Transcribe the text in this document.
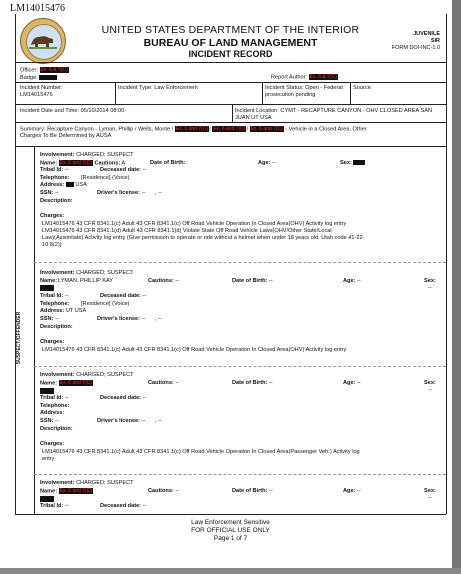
LM14015476
UNITED STATES DEPARTMENT OF THE INTERIOR
BUREAU OF LAND MANAGEMENT
INCIDENT RECORD
JUVENILE
SIR
FORM DOI-INC-1.0
Officer: Ex. 6 & 7(C)
Badge:	Report Author: Ex. 6 & 7(C)
Incident Number:
LM14015476
Incident Type: Law Enforcement	Incident Status: Open - Federal prosecution pending
Source:
Incident Date and Time: 05/10/2014 08:00	Incident Location: CYMT - RECAPTURE CANYON - OHV CLOSED AREA SAN JUAN UT USA
Summary: Recapture Canyon - Lyman, Phillip / Wells, Monte / Ex. 6 and 7(C)/ Ex. 6 and 7(C)/ Ex. 6 and 7(C) - Vehicle in a Closed Area, Other
Charges To Be Determined by AUSA
SUSPECT/OFFENDER
Involvement: CHARGED; SUSPECT
Name: Ex. 6 and 7(C) Cautions: A	Date of Birth:	Age: --	Sex:
Tribal Id: --	Deceased date: --
Telephone: [Residence] (Voice)
Address: USA
SSN: --	Driver's license: -- , --
Description:
Charges:
LM14015476 43 CFR 8341.1(c) Adult 43 CFR 8341.1(c) Off Road Vehicle Operation In Closed Area(OHV) Activity log entry
LM14015476 43 CFR 8341.1(d) Adult 43 CFR 8341.1(d) Violate State Off Road Vehicle Laws(OHV/Other State/Local
Law)(Assimilate) Activity log entry (Give permission to operate or ride without a helmet when under 18 years old. Utah code 41-22-
10.8(2))
Involvement: CHARGED; SUSPECT
Name: LYMAN, PHILLIP KAY	Cautions: --	Date of Birth: --	Age: --	Sex:
--
Tribal Id: --	Deceased date: --
Telephone: [Residence] (Voice)
Address: UT USA
SSN: --	Driver's license: -- , --
Description:
Charges:
LM14015476 43 CFR 8341.1(c) Adult 43 CFR 8341.1(c) Off Road Vehicle Operation In Closed Area(OHV) Activity log entry
Involvement: CHARGED; SUSPECT
Name: Ex. 6 and 7(C)	Cautions: --	Date of Birth: --	Age: --	Sex:
--
Tribal Id: --	Deceased date: --
Telephone:
Address:
SSN: --	Driver's license: -- , --
Description:
Charges:
LM14015476 43 CFR 8341.1(c) Adult 43 CFR 8341.1(c) Off Road Vehicle Operation In Closed Area(Passenger Veh.) Activity log
entry
Involvement: CHARGED; SUSPECT
Name: Ex. 6 and 7(C)	Cautions: --	Date of Birth: --	Age: --	Sex:
--
Tribal Id: --	Deceased date: --
Law Enforcement Sensitive
FOR OFFICIAL USE ONLY
Page 1 of 7
